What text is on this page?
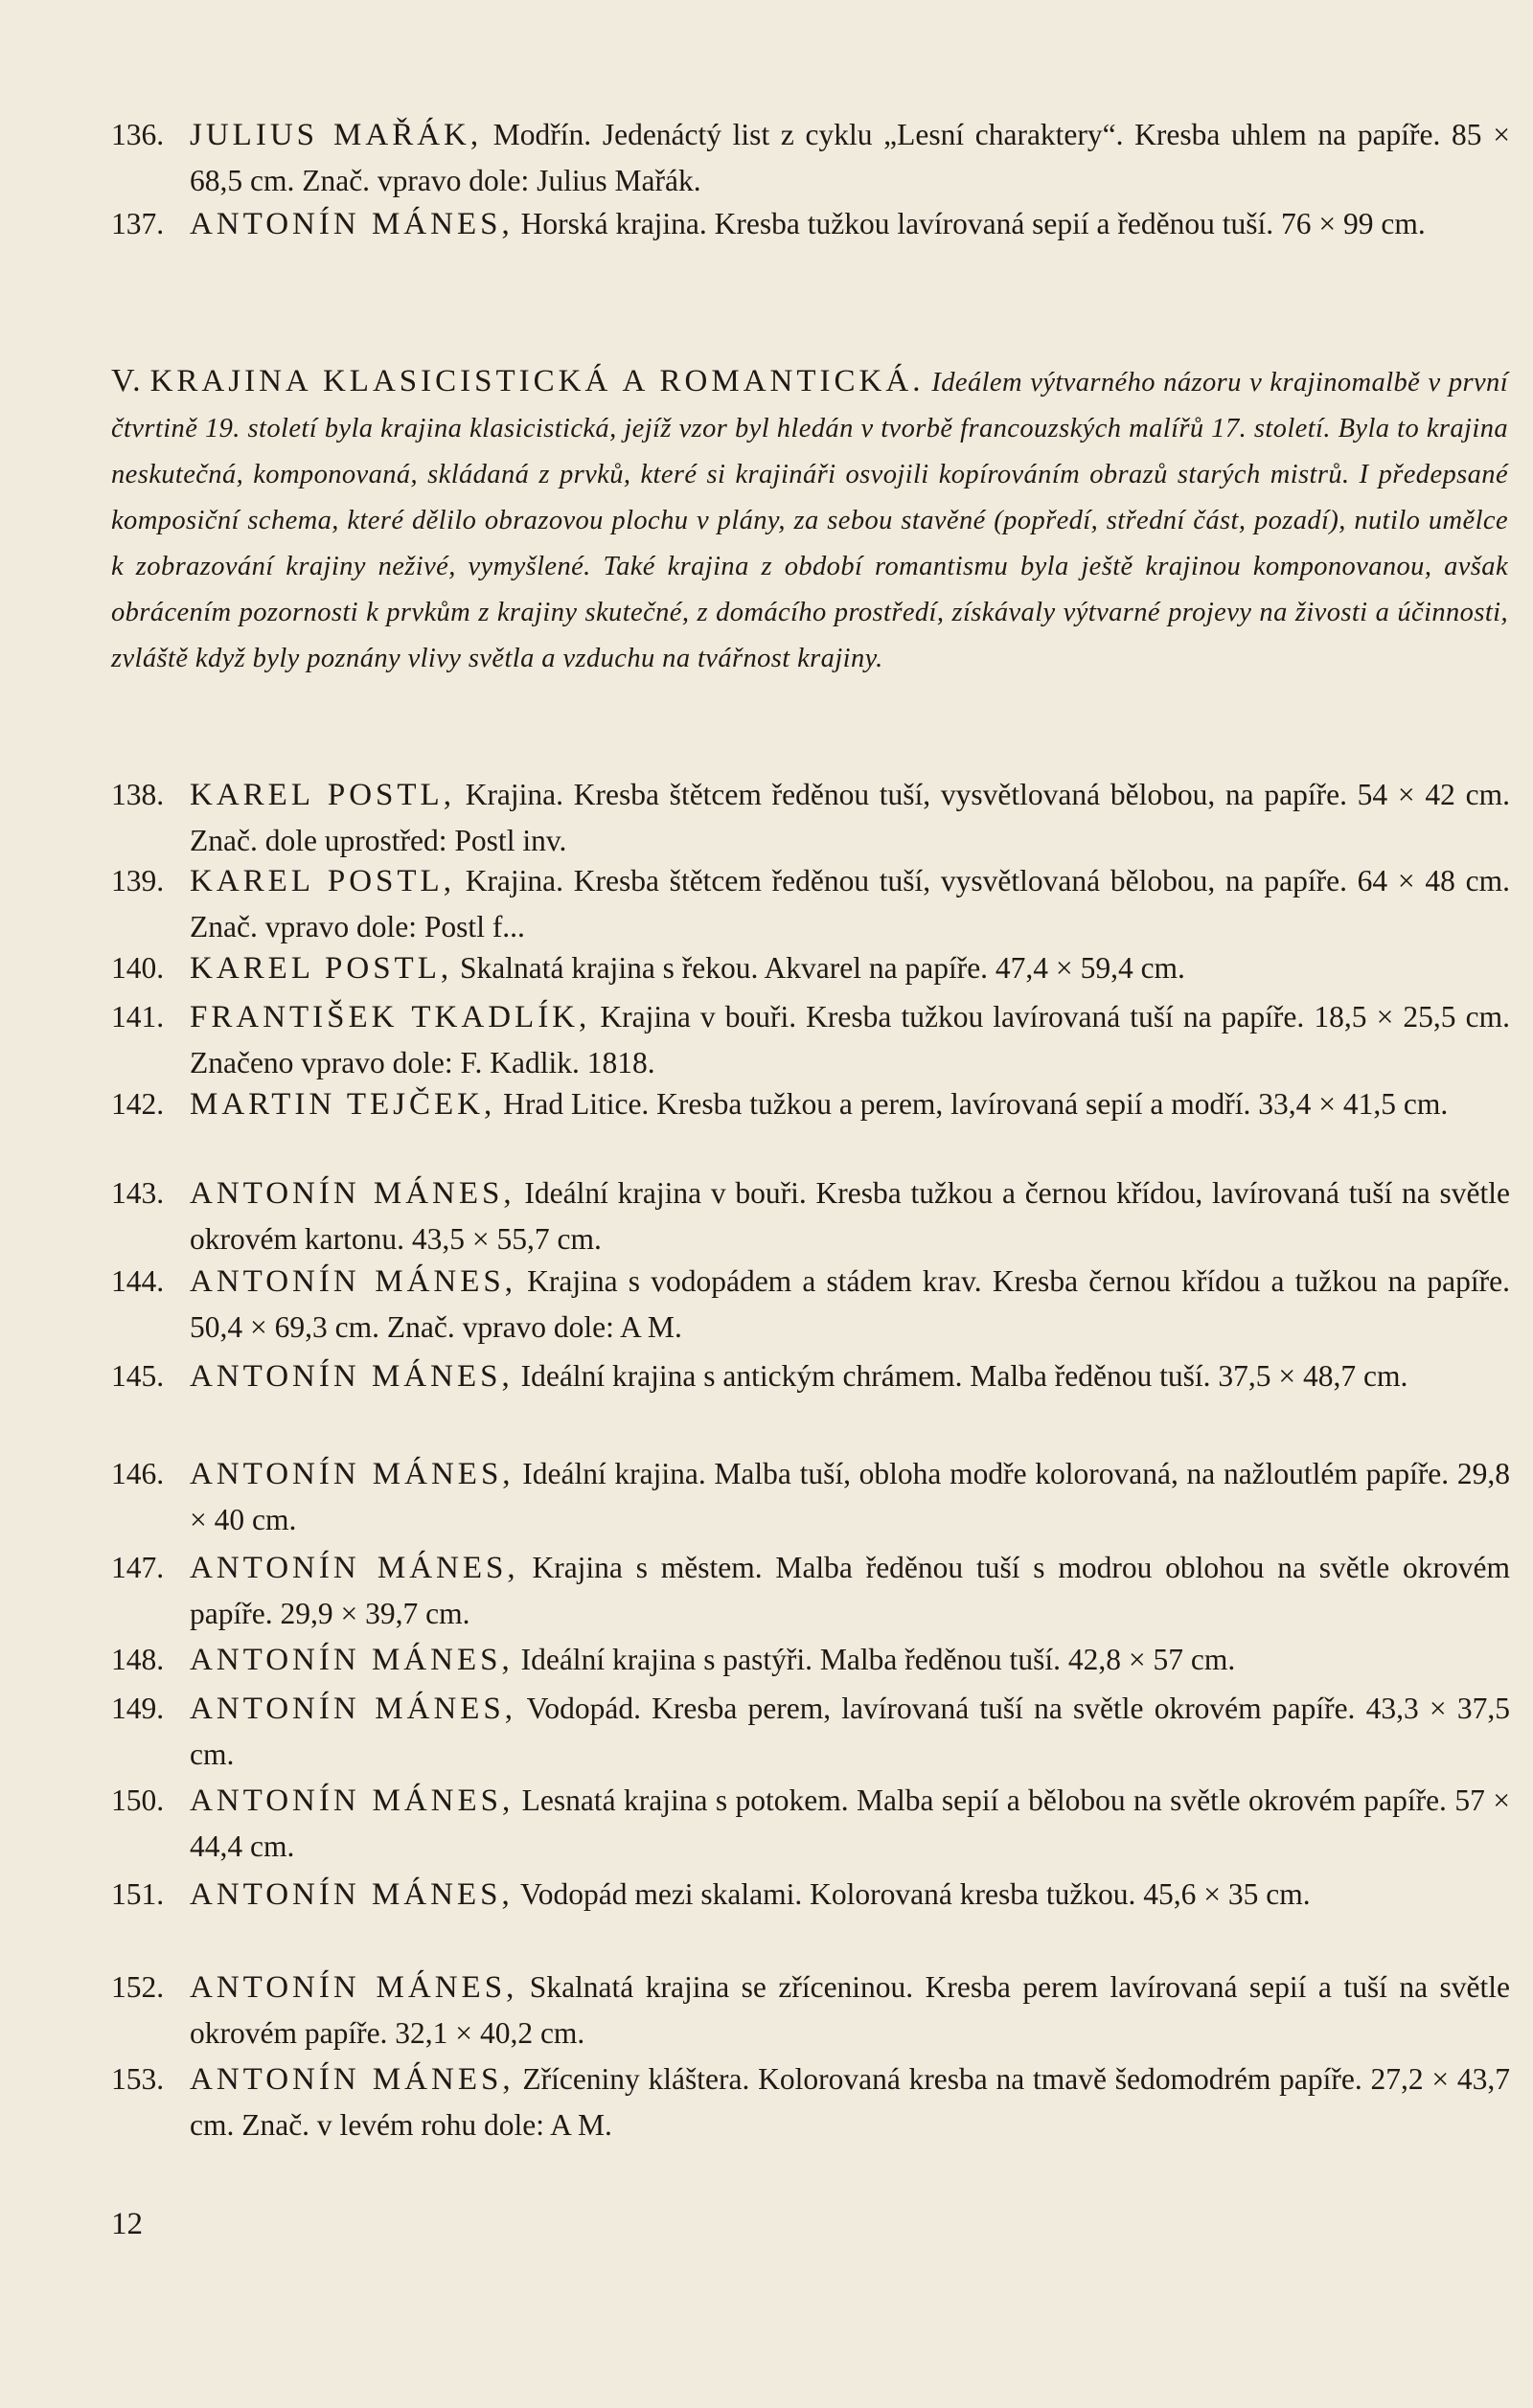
136. JULIUS MAŘÁK, Modřín. Jedenáctý list z cyklu „Lesní charaktery“. Kresba uhlem na papíře. 85 × 68,5 cm. Znač. vpravo dole: Julius Mařák.
137. ANTONÍN MÁNES, Horská krajina. Kresba tužkou lavírovaná sepií a ředěnou tuší. 76 × 99 cm.
V. KRAJINA KLASICISTICKÁ A ROMANTICKÁ. Ideálem výtvarného názoru v krajinomalbě v první čtvrtině 19. století byla krajina klasicistická, jejíž vzor byl hledán v tvorbě francouzských malířů 17. století. Byla to krajina neskutečná, komponovaná, skládaná z prvků, které si krajináři osvojili kopírováním obrazů starých mistrů. I předepsané komposiční schema, které dělilo obrazovou plochu v plány, za sebou stavěné (popředí, střední část, pozadí), nutilo umělce k zobrazování krajiny neživé, vymyšlené. Také krajina z období romantismu byla ještě krajinou komponovanou, avšak obrácením pozornosti k prvkům z krajiny skutečné, z domácího prostředí, získávaly výtvarné projevy na živosti a účinnosti, zvláště když byly poznány vlivy světla a vzduchu na tvářnost krajiny.
138. KAREL POSTL, Krajina. Kresba štětcem ředěnou tuší, vysvětlovaná bělobou, na papíře. 54 × 42 cm. Znač. dole uprostřed: Postl inv.
139. KAREL POSTL, Krajina. Kresba štětcem ředěnou tuší, vysvětlovaná bělobou, na papíře. 64 × 48 cm. Znač. vpravo dole: Postl f...
140. KAREL POSTL, Skalnatá krajina s řekou. Akvarel na papíře. 47,4 × 59,4 cm.
141. FRANTIŠEK TKADLÍK, Krajina v bouři. Kresba tužkou lavírovaná tuší na papíře. 18,5 × 25,5 cm. Značeno vpravo dole: F. Kadlik. 1818.
142. MARTIN TEJČEK, Hrad Litice. Kresba tužkou a perem, lavírovaná sepií a modří. 33,4 × 41,5 cm.
143. ANTONÍN MÁNES, Ideální krajina v bouři. Kresba tužkou a černou křídou, lavírovaná tuší na světle okrovém kartonu. 43,5 × 55,7 cm.
144. ANTONÍN MÁNES, Krajina s vodopádem a stádem krav. Kresba černou křídou a tužkou na papíře. 50,4 × 69,3 cm. Znač. vpravo dole: A M.
145. ANTONÍN MÁNES, Ideální krajina s antickým chrámem. Malba ředěnou tuší. 37,5 × 48,7 cm.
146. ANTONÍN MÁNES, Ideální krajina. Malba tuší, obloha modře kolorovaná, na nažloutlém papíře. 29,8 × 40 cm.
147. ANTONÍN MÁNES, Krajina s městem. Malba ředěnou tuší s modrou oblohou na světle okrovém papíře. 29,9 × 39,7 cm.
148. ANTONÍN MÁNES, Ideální krajina s pastýři. Malba ředěnou tuší. 42,8 × 57 cm.
149. ANTONÍN MÁNES, Vodopád. Kresba perem, lavírovaná tuší na světle okrovém papíře. 43,3 × 37,5 cm.
150. ANTONÍN MÁNES, Lesnatá krajina s potokem. Malba sepií a bělobou na světle okrovém papíře. 57 × 44,4 cm.
151. ANTONÍN MÁNES, Vodopád mezi skalami. Kolorovaná kresba tužkou. 45,6 × 35 cm.
152. ANTONÍN MÁNES, Skalnatá krajina se zříceninou. Kresba perem lavírovaná sepií a tuší na světle okrovém papíře. 32,1 × 40,2 cm.
153. ANTONÍN MÁNES, Zříceniny kláštera. Kolorovaná kresba na tmavě šedomodrém papíře. 27,2 × 43,7 cm. Znač. v levém rohu dole: A M.
12
